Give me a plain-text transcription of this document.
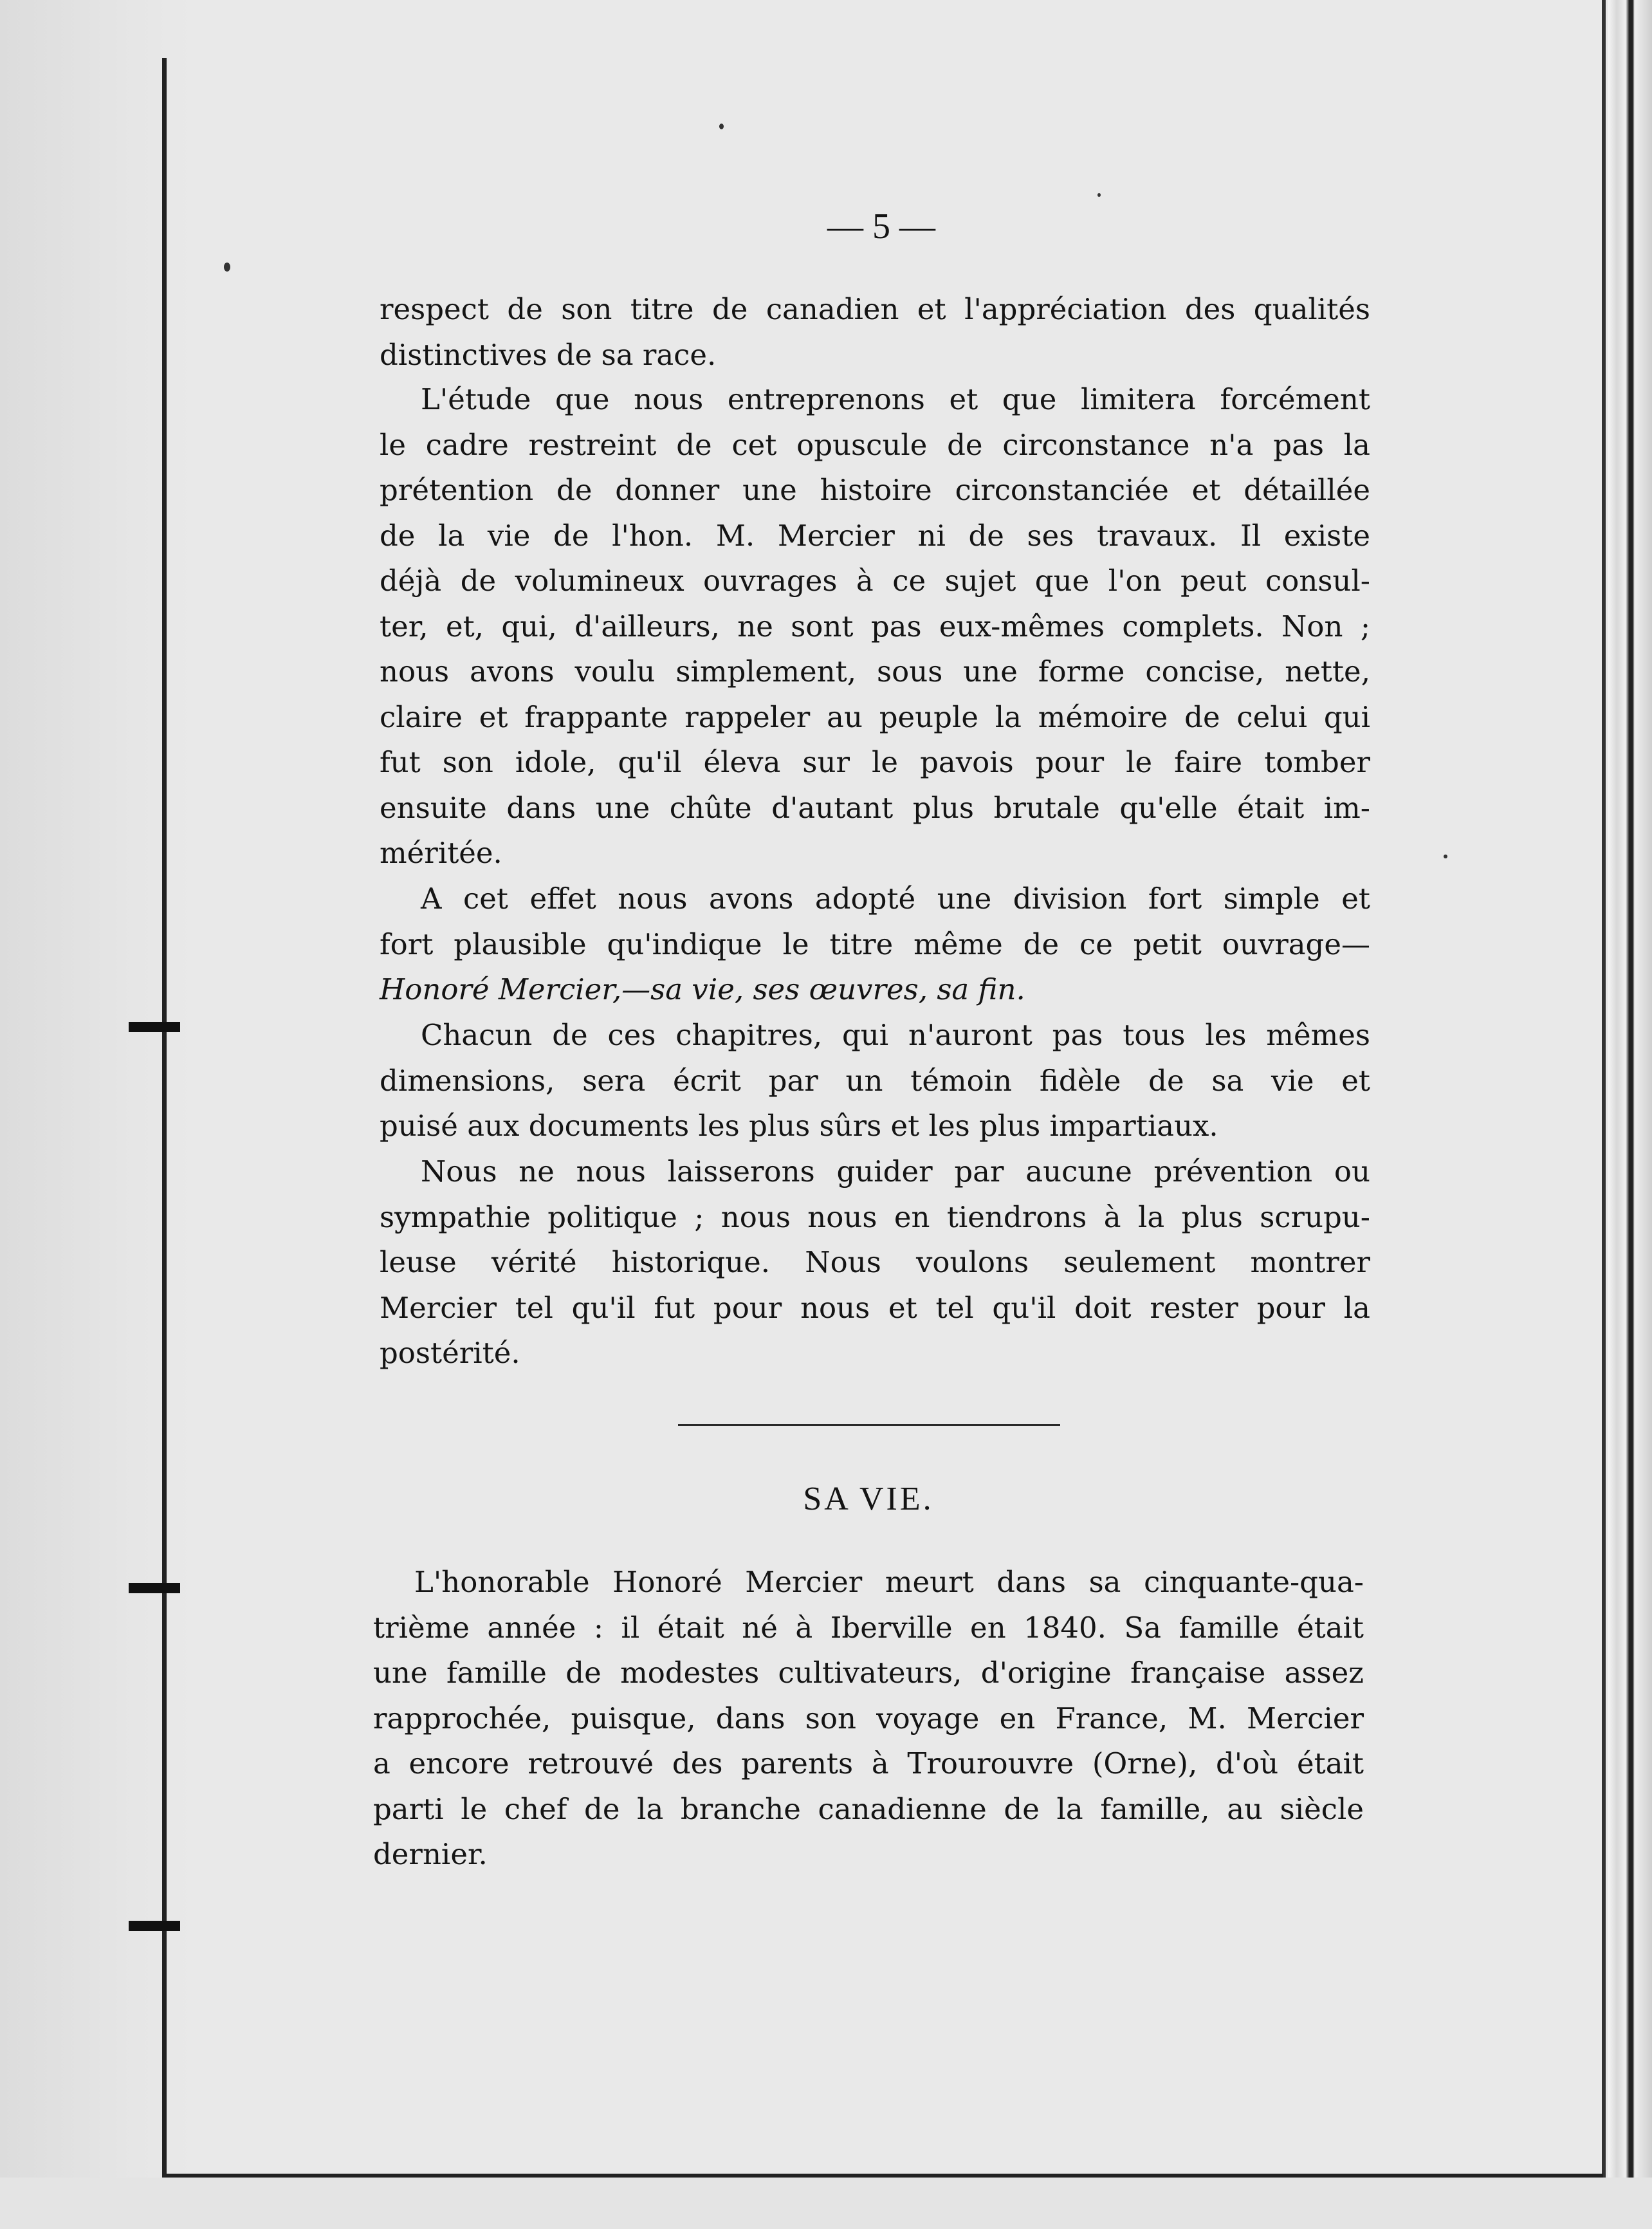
— 5 —
respect de son titre de canadien et l'appréciation des qualités
distinctives de sa race.
L'étude que nous entreprenons et que limitera forcément
le cadre restreint de cet opuscule de circonstance n'a pas la
prétention de donner une histoire circonstanciée et détaillée
de la vie de l'hon. M. Mercier ni de ses travaux. Il existe
déjà de volumineux ouvrages à ce sujet que l'on peut consul-
ter, et, qui, d'ailleurs, ne sont pas eux-mêmes complets. Non ;
nous avons voulu simplement, sous une forme concise, nette,
claire et frappante rappeler au peuple la mémoire de celui qui
fut son idole, qu'il éleva sur le pavois pour le faire tomber
ensuite dans une chûte d'autant plus brutale qu'elle était im-
méritée.
A cet effet nous avons adopté une division fort simple et
fort plausible qu'indique le titre même de ce petit ouvrage—
Honoré Mercier,—sa vie, ses œuvres, sa fin.
Chacun de ces chapitres, qui n'auront pas tous les mêmes
dimensions, sera écrit par un témoin fidèle de sa vie et
puisé aux documents les plus sûrs et les plus impartiaux.
Nous ne nous laisserons guider par aucune prévention ou
sympathie politique ; nous nous en tiendrons à la plus scrupu-
leuse vérité historique. Nous voulons seulement montrer
Mercier tel qu'il fut pour nous et tel qu'il doit rester pour la
postérité.
SA VIE.
L'honorable Honoré Mercier meurt dans sa cinquante-qua-
trième année : il était né à Iberville en 1840. Sa famille était
une famille de modestes cultivateurs, d'origine française assez
rapprochée, puisque, dans son voyage en France, M. Mercier
a encore retrouvé des parents à Trourouvre (Orne), d'où était
parti le chef de la branche canadienne de la famille, au siècle
dernier.
